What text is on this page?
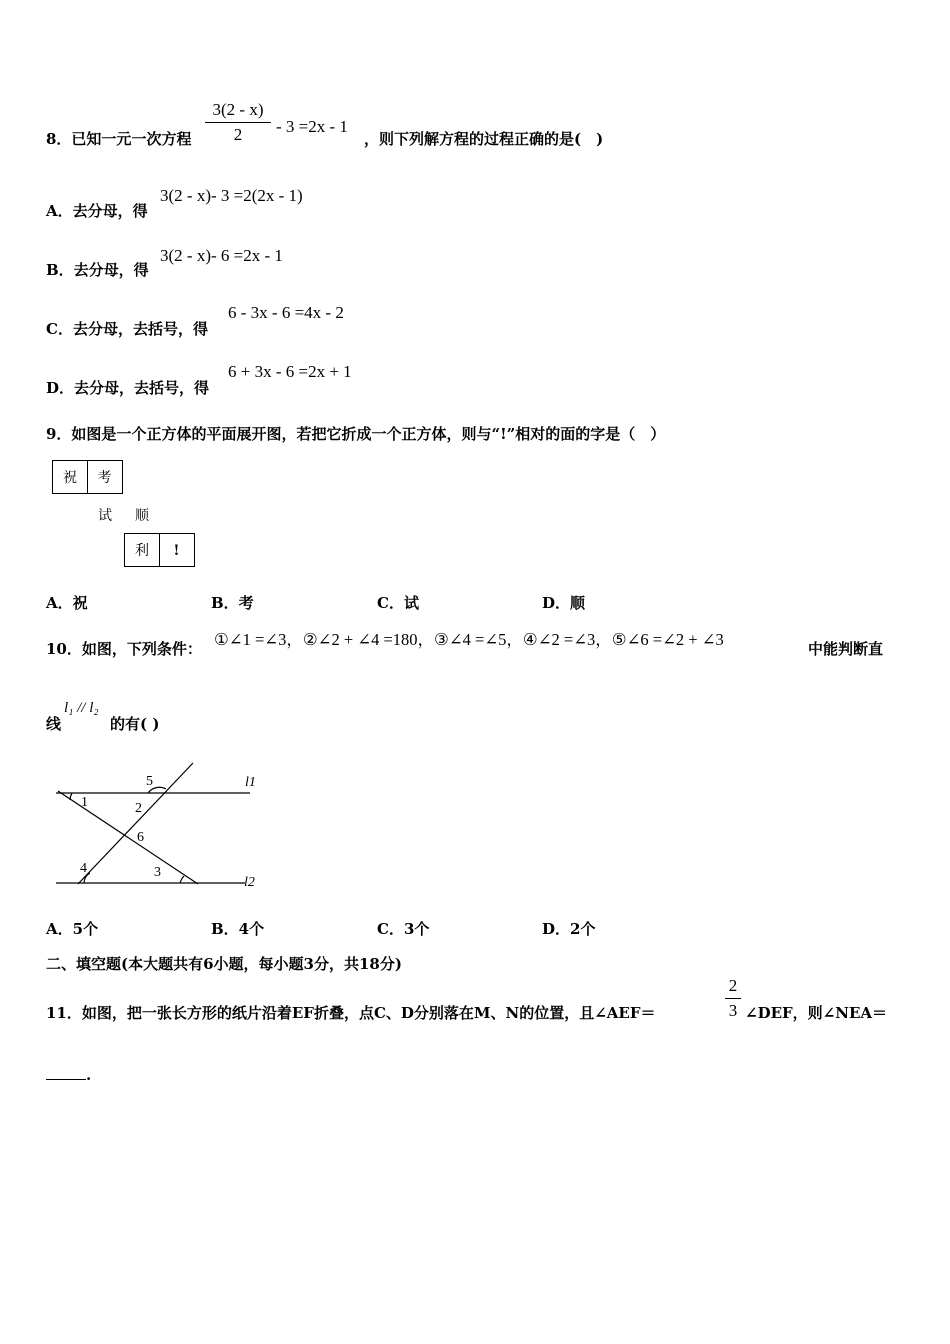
8．已知一元一次方程
3(2 - x)
2	- 3 =2x - 1
，则下列解方程的过程正确的是(　)
A．去分母，得
3(2 - x)- 3 =2(2x - 1)
B．去分母，得
3(2 - x)- 6 =2x - 1
C．去分母，去括号，得
6 - 3x - 6 =4x - 2
D．去分母，去括号，得
6 + 3x - 6 =2x + 1
9．如图是一个正方体的平面展开图，若把它折成一个正方体，则与“!”相对的面的字是（　）
祝	考
试	顺
利	!
A．祝	B．考	C．试	D．顺
10．如图，下列条件： ①∠1 =∠3，②∠2 + ∠4 =180，③∠4 =∠5，④∠2 =∠3，⑤∠6 =∠2 + ∠3	中能判断直
线
l₁ // l₂
的有( )
5
1	2
6
4	3
l1
l2
A．5个	B．4个	C．3个	D．2个
二、填空题(本大题共有6小题，每小题3分，共18分)
11．如图，把一张长方形的纸片沿着EF折叠，点C、D分别落在M、N的位置，且∠AEF＝
2
3 ∠DEF，则∠NEA＝
.
